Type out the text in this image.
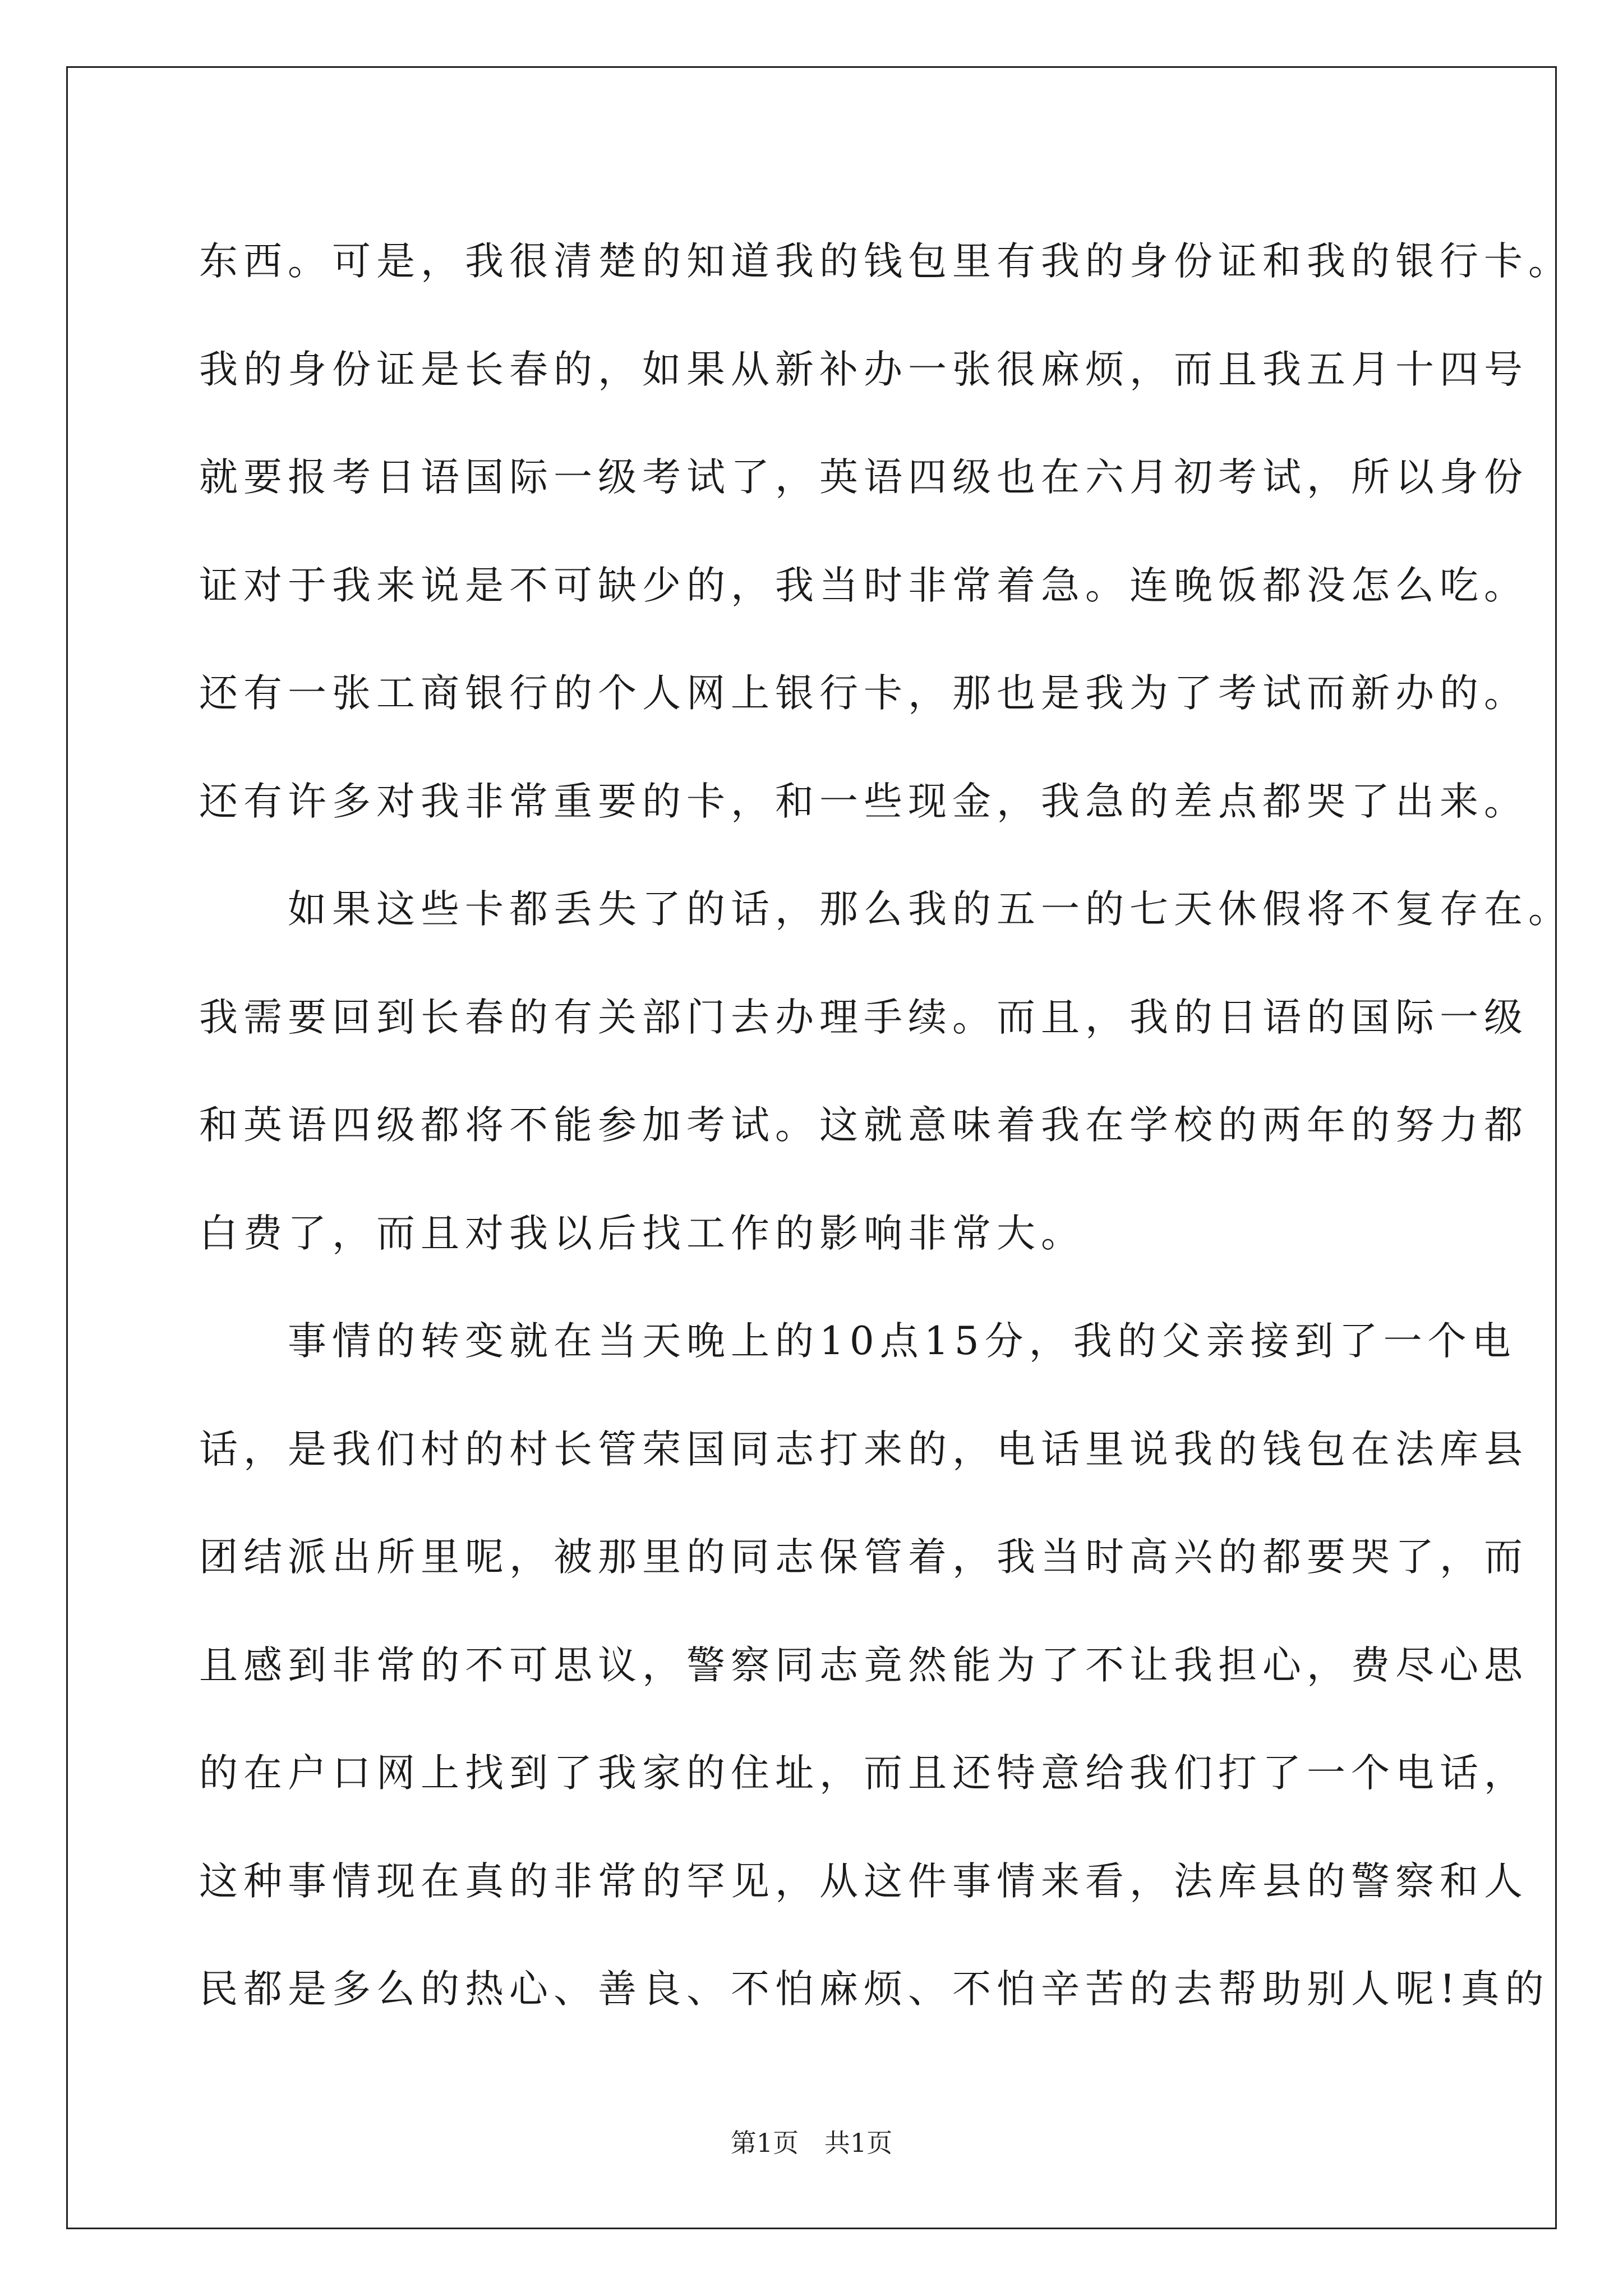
东西。可是，我很清楚的知道我的钱包里有我的身份证和我的银行卡。
我的身份证是长春的，如果从新补办一张很麻烦，而且我五月十四号
就要报考日语国际一级考试了，英语四级也在六月初考试，所以身份
证对于我来说是不可缺少的，我当时非常着急。连晚饭都没怎么吃。
还有一张工商银行的个人网上银行卡，那也是我为了考试而新办的。
还有许多对我非常重要的卡，和一些现金，我急的差点都哭了出来。
　　如果这些卡都丢失了的话，那么我的五一的七天休假将不复存在。
我需要回到长春的有关部门去办理手续。而且，我的日语的国际一级
和英语四级都将不能参加考试。这就意味着我在学校的两年的努力都
白费了，而且对我以后找工作的影响非常大。
　　事情的转变就在当天晚上的10点15分，我的父亲接到了一个电
话，是我们村的村长管荣国同志打来的，电话里说我的钱包在法库县
团结派出所里呢，被那里的同志保管着，我当时高兴的都要哭了，而
且感到非常的不可思议，警察同志竟然能为了不让我担心，费尽心思
的在户口网上找到了我家的住址，而且还特意给我们打了一个电话，
这种事情现在真的非常的罕见，从这件事情来看，法库县的警察和人
民都是多么的热心、善良、不怕麻烦、不怕辛苦的去帮助别人呢!真的
第1页　共1页
